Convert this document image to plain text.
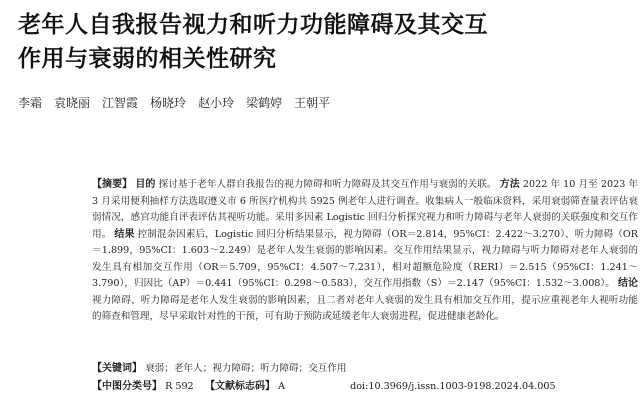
老年人自我报告视力和听力功能障碍及其交互
作用与衰弱的相关性研究
李霜 袁晓丽 江智霞 杨晓玲 赵小玲 梁鹤婷 王朝平

【摘要】 目的 探讨基于老年人群自我报告的视力障碍和听力障碍及其交互作用与衰弱的关联。 方法 2022 年 10 月至 2023 年 3 月采用便利抽样方法选取遵义市 6 所医疗机构共 5925 例老年人进行调查。收集病人一般临床资料，采用衰弱筛查量表评估衰弱情况，感官功能自评表评估其视听功能。采用多因素 Logistic 回归分析探究视力和听力障碍与老年人衰弱的关联强度和交互作用。 结果 控制混杂因素后，Logistic 回归分析结果显示，视力障碍（OR＝2.814，95%CI：2.422～3.270）、听力障碍（OR＝1.899，95%CI：1.603～2.249）是老年人发生衰弱的影响因素。交互作用结果显示，视力障碍与听力障碍对老年人衰弱的发生具有相加交互作用（OR＝5.709，95%CI：4.507～7.231），相对超额危险度（RERI）＝2.515（95%CI：1.241～3.790），归因比（AP）＝0.441（95%CI：0.298～0.583），交互作用指数（S）＝2.147（95%CI：1.532～3.008）。 结论 视力障碍、听力障碍是老年人发生衰弱的影响因素，且二者对老年人衰弱的发生具有相加交互作用，提示应重视老年人视听功能的筛查和管理，尽早采取针对性的干预，可有助于预防或延缓老年人衰弱进程，促进健康老龄化。

【关键词】 衰弱；老年人；视力障碍；听力障碍；交互作用
【中图分类号】 R 592 【文献标志码】 A	doi:10.3969/j.issn.1003-9198.2024.04.005
